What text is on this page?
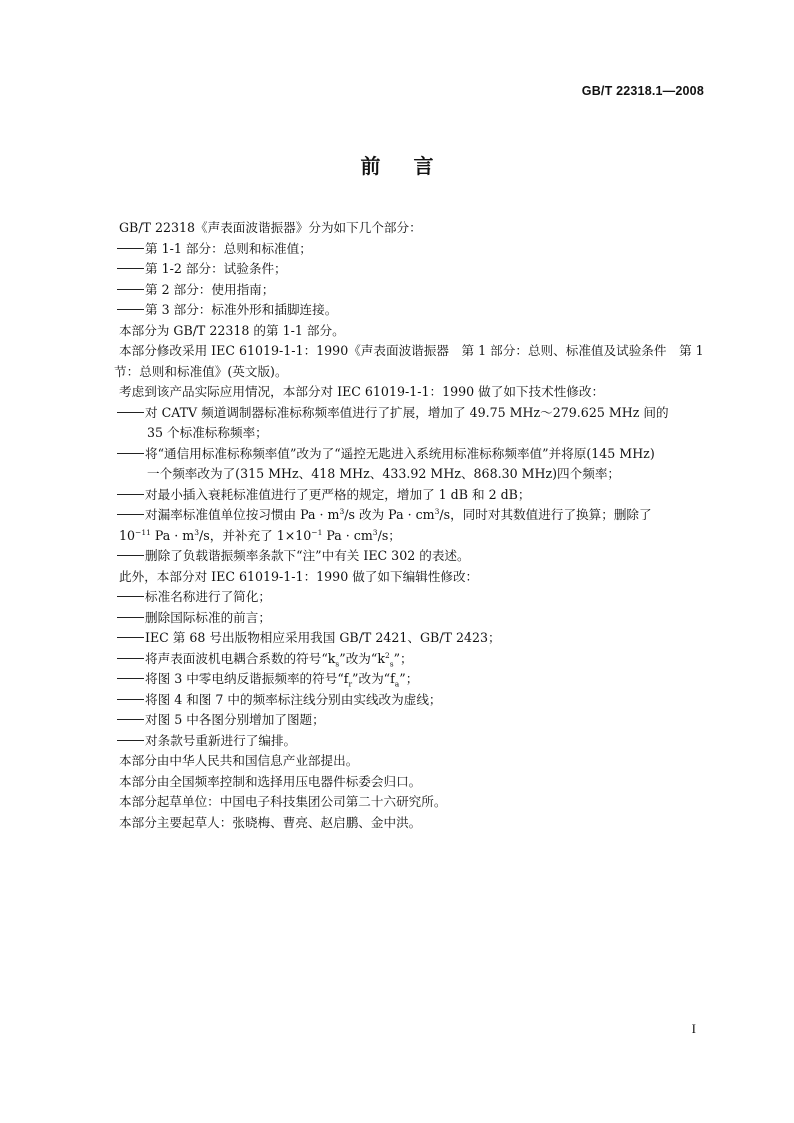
GB/T 22318.1—2008
前 言
GB/T 22318《声表面波谐振器》分为如下几个部分：
第 1-1 部分：总则和标准值；
第 1-2 部分：试验条件；
第 2 部分：使用指南；
第 3 部分：标准外形和插脚连接。
本部分为 GB/T 22318 的第 1-1 部分。
本部分修改采用 IEC 61019-1-1：1990《声表面波谐振器　第 1 部分：总则、标准值及试验条件　第 1
节：总则和标准值》(英文版)。
考虑到该产品实际应用情况，本部分对 IEC 61019-1-1：1990 做了如下技术性修改：
对 CATV 频道调制器标准标称频率值进行了扩展，增加了 49.75 MHz～279.625 MHz 间的
35 个标准标称频率；
将“通信用标准标称频率值”改为了“遥控无匙进入系统用标准标称频率值”并将原(145 MHz)
一个频率改为了(315 MHz、418 MHz、433.92 MHz、868.30 MHz)四个频率；
对最小插入衰耗标准值进行了更严格的规定，增加了 1 dB 和 2 dB；
对漏率标准值单位按习惯由 $Pa \cdot m^3/s$ 改为 $Pa \cdot cm^3/s$，同时对其数值进行了换算；删除了
$10^{-11}$ $Pa \cdot m^3/s$，并补充了 $1\times 10^{-1}$ $Pa \cdot cm^3/s$；
删除了负载谐振频率条款下“注”中有关 IEC 302 的表述。
此外，本部分对 IEC 61019-1-1：1990 做了如下编辑性修改：
标准名称进行了简化；
删除国际标准的前言；
IEC 第 68 号出版物相应采用我国 GB/T 2421、GB/T 2423；
将声表面波机电耦合系数的符号“$k_s$”改为“$k^2_s$”；
将图 3 中零电纳反谐振频率的符号“$f_r$”改为“$f_a$”；
将图 4 和图 7 中的频率标注线分别由实线改为虚线；
对图 5 中各图分别增加了图题；
对条款号重新进行了编排。
本部分由中华人民共和国信息产业部提出。
本部分由全国频率控制和选择用压电器件标委会归口。
本部分起草单位：中国电子科技集团公司第二十六研究所。
本部分主要起草人：张晓梅、曹亮、赵启鹏、金中洪。
I
